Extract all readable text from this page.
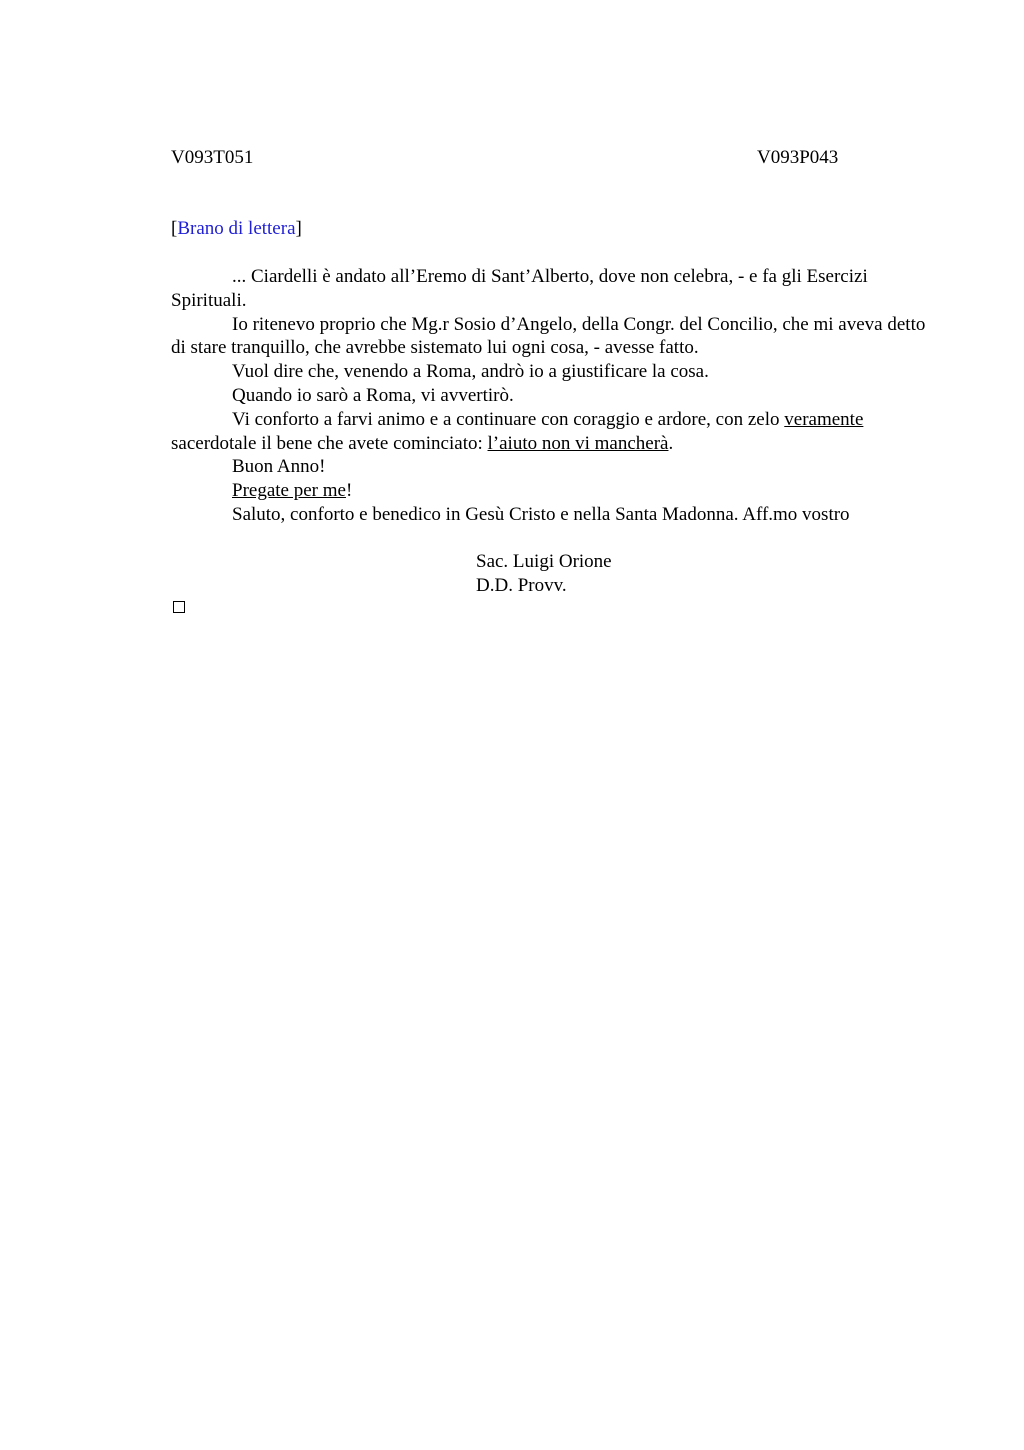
V093T051	V093P043
[Brano di lettera]

... Ciardelli è andato all’Eremo di Sant’Alberto, dove non celebra, - e fa gli Esercizi Spirituali.

Io ritenevo proprio che Mg.r Sosio d’Angelo, della Congr. del Concilio, che mi aveva detto di stare tranquillo, che avrebbe sistemato lui ogni cosa, - avesse fatto.

Vuol dire che, venendo a Roma, andrò io a giustificare la cosa.

Quando io sarò a Roma, vi avvertirò.

Vi conforto a farvi animo e a continuare con coraggio e ardore, con zelo veramente sacerdotale il bene che avete cominciato: l’aiuto non vi mancherà.

Buon Anno!

Pregate per me!

Saluto, conforto e benedico in Gesù Cristo e nella Santa Madonna. Aff.mo vostro

Sac. Luigi Orione
D.D. Provv.
